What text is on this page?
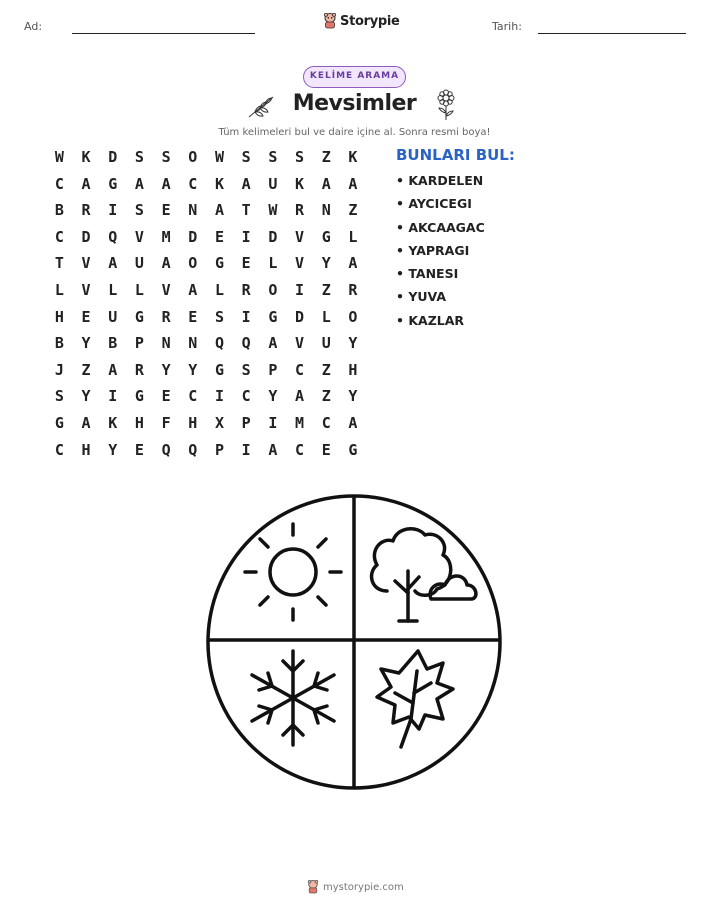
Ad:	Storypie	Tarih:
KELİME ARAMA
Mevsimler
Tüm kelimeleri bul ve daire içine al. Sonra resmi boya!
W	K	D	S	S	O	W	S	S	S	Z	K
C	A	G	A	A	C	K	A	U	K	A	A
B	R	I	S	E	N	A	T	W	R	N	Z
C	D	Q	V	M	D	E	I	D	V	G	L
T	V	A	U	A	O	G	E	L	V	Y	A
L	V	L	L	V	A	L	R	O	I	Z	R
H	E	U	G	R	E	S	I	G	D	L	O
B	Y	B	P	N	N	Q	Q	A	V	U	Y
J	Z	A	R	Y	Y	G	S	P	C	Z	H
S	Y	I	G	E	C	I	C	Y	A	Z	Y
G	A	K	H	F	H	X	P	I	M	C	A
C	H	Y	E	Q	Q	P	I	A	C	E	G
BUNLARI BUL:
• KARDELEN
• AYCICEGI
• AKCAAGAC
• YAPRAGI
• TANESI
• YUVA
• KAZLAR
mystorypie.com
